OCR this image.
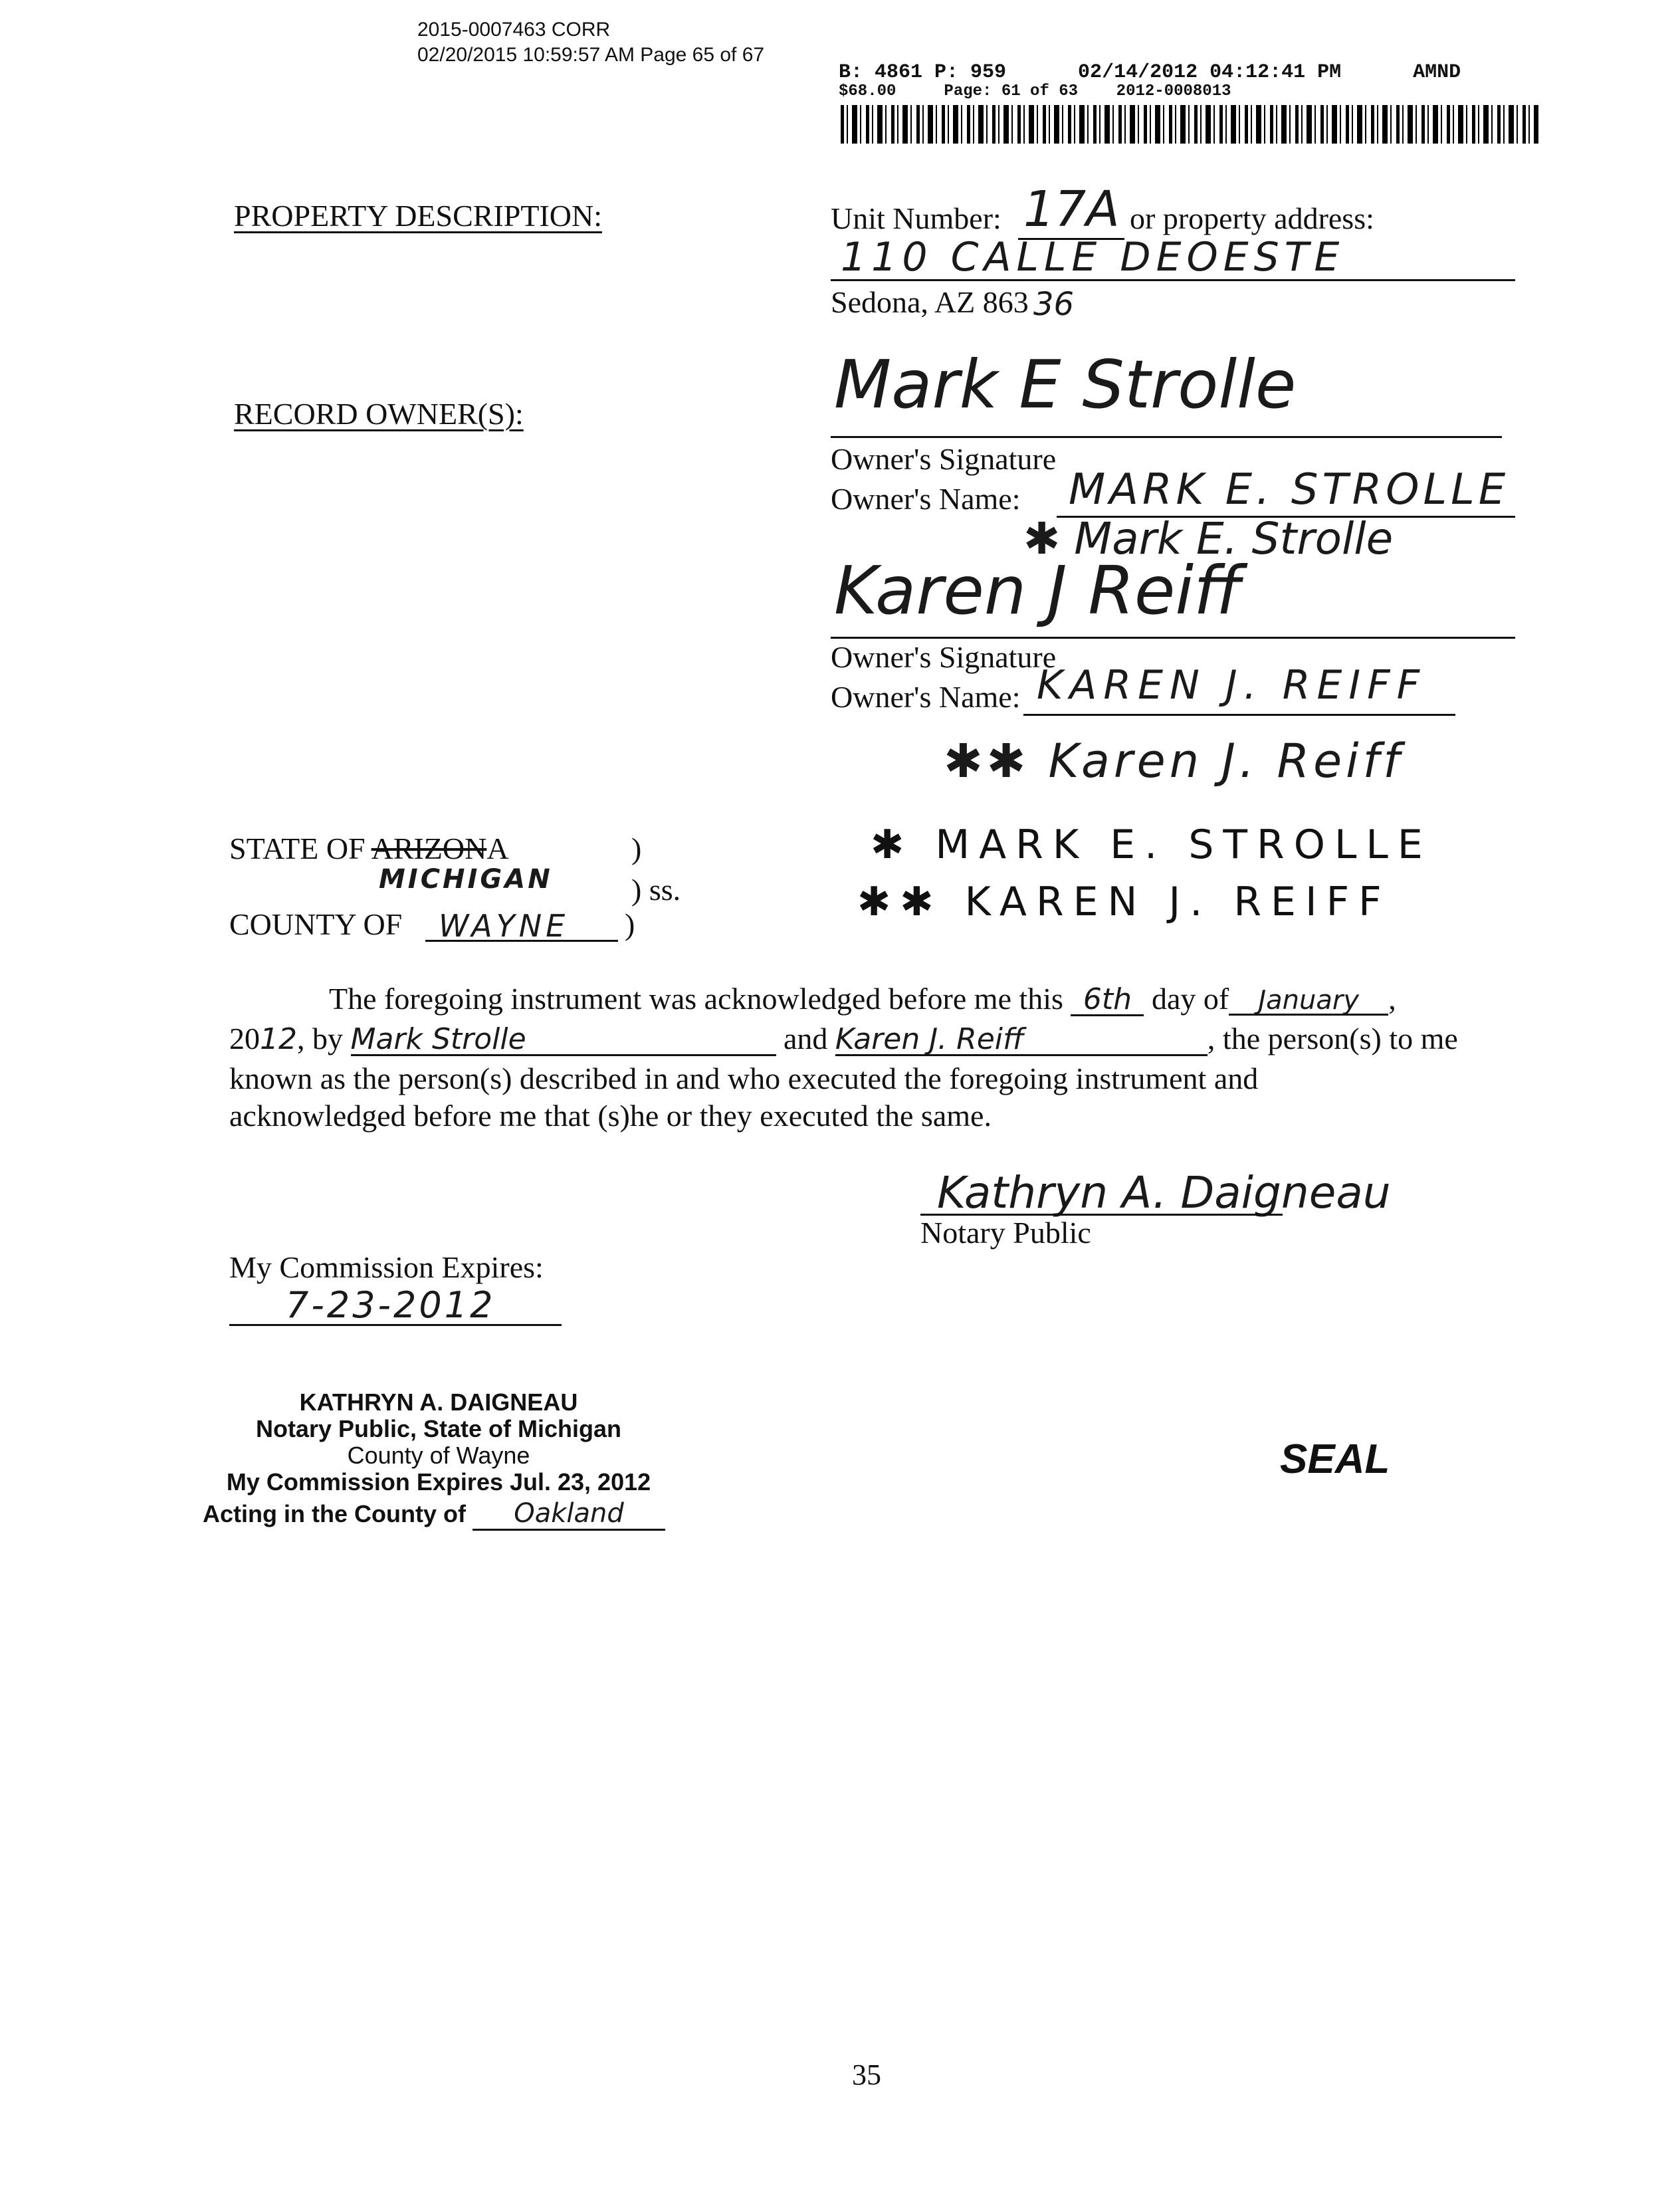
2015-0007463 CORR
02/20/2015 10:59:57 AM Page 65 of 67
B: 4861 P: 959      02/14/2012 04:12:41 PM      AMND
$68.00     Page: 61 of 63    2012-0008013
PROPERTY DESCRIPTION:	Unit Number: 17A or property address:
110 CALLE DEOESTE
Sedona, AZ 863 36
RECORD OWNER(S):	Mark E Strolle
Owner's Signature
Owner's Name: MARK E. STROLLE
✱ Mark E. Strolle
Karen J Reiff
Owner's Signature
Owner's Name: KAREN J. REIFF
✱✱ Karen J. Reiff
STATE OF ARIZONA	)
MICHIGAN	) ss.
COUNTY OF WAYNE )
✱ MARK E. STROLLE
✱✱ KAREN J. REIFF
The foregoing instrument was acknowledged before me this 6th day of January ,
2012, by Mark Strolle	and Karen J. Reiff	, the person(s) to me
known as the person(s) described in and who executed the foregoing instrument and
acknowledged before me that (s)he or they executed the same.
Kathryn A. Daigneau
Notary Public
My Commission Expires:
7-23-2012
KATHRYN A. DAIGNEAU
Notary Public, State of Michigan
County of Wayne
My Commission Expires Jul. 23, 2012
Acting in the County of Oakland
SEAL
35
